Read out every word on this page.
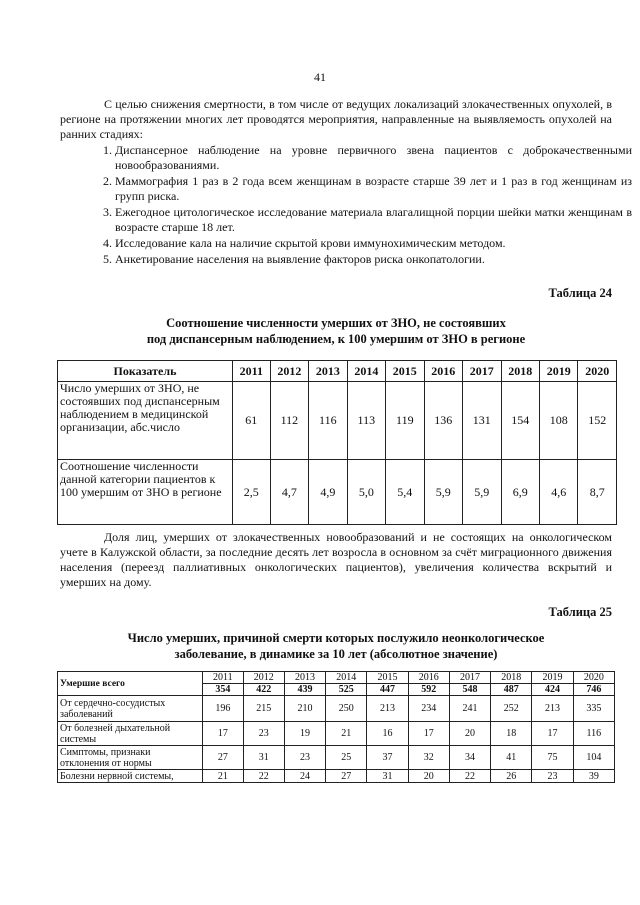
41

С целью снижения смертности, в том числе от ведущих локализаций злокачественных опухолей, в регионе на протяжении многих лет проводятся мероприятия, направленные на выявляемость опухолей на ранних стадиях:

1. Диспансерное наблюдение на уровне первичного звена пациентов с доброкачественными новообразованиями.
2. Маммография 1 раз в 2 года всем женщинам в возрасте старше 39 лет и 1 раз в год женщинам из групп риска.
3. Ежегодное цитологическое исследование материала влагалищной порции шейки матки женщинам в возрасте старше 18 лет.
4. Исследование кала на наличие скрытой крови иммунохимическим методом.
5. Анкетирование населения на выявление факторов риска онкопатологии.
Таблица 24

Соотношение численности умерших от ЗНО, не состоявших
под диспансерным наблюдением, к 100 умершим от ЗНО в регионе

Показатель	2011	2012	2013	2014	2015	2016	2017	2018	2019	2020
Число умерших от ЗНО, не состоявших под диспансерным наблюдением в медицинской организации, абс.число	61	112	116	113	119	136	131	154	108	152
Соотношение численности данной категории пациентов к 100 умершим от ЗНО в регионе	2,5	4,7	4,9	5,0	5,4	5,9	5,9	6,9	4,6	8,7

Доля лиц, умерших от злокачественных новообразований и не состоящих на онкологическом учете в Калужской области, за последние десять лет возросла в основном за счёт миграционного движения населения (переезд паллиативных онкологических пациентов), увеличения количества вскрытий и умерших на дому.

Таблица 25

Число умерших, причиной смерти которых послужило неонкологическое
заболевание, в динамике за 10 лет (абсолютное значение)

Умершие всего	2011	2012	2013	2014	2015	2016	2017	2018	2019	2020
	354	422	439	525	447	592	548	487	424	746
От сердечно-сосудистых заболеваний	196	215	210	250	213	234	241	252	213	335
От болезней дыхательной системы	17	23	19	21	16	17	20	18	17	116
Симптомы, признаки отклонения от нормы	27	31	23	25	37	32	34	41	75	104
Болезни нервной системы,	21	22	24	27	31	20	22	26	23	39
